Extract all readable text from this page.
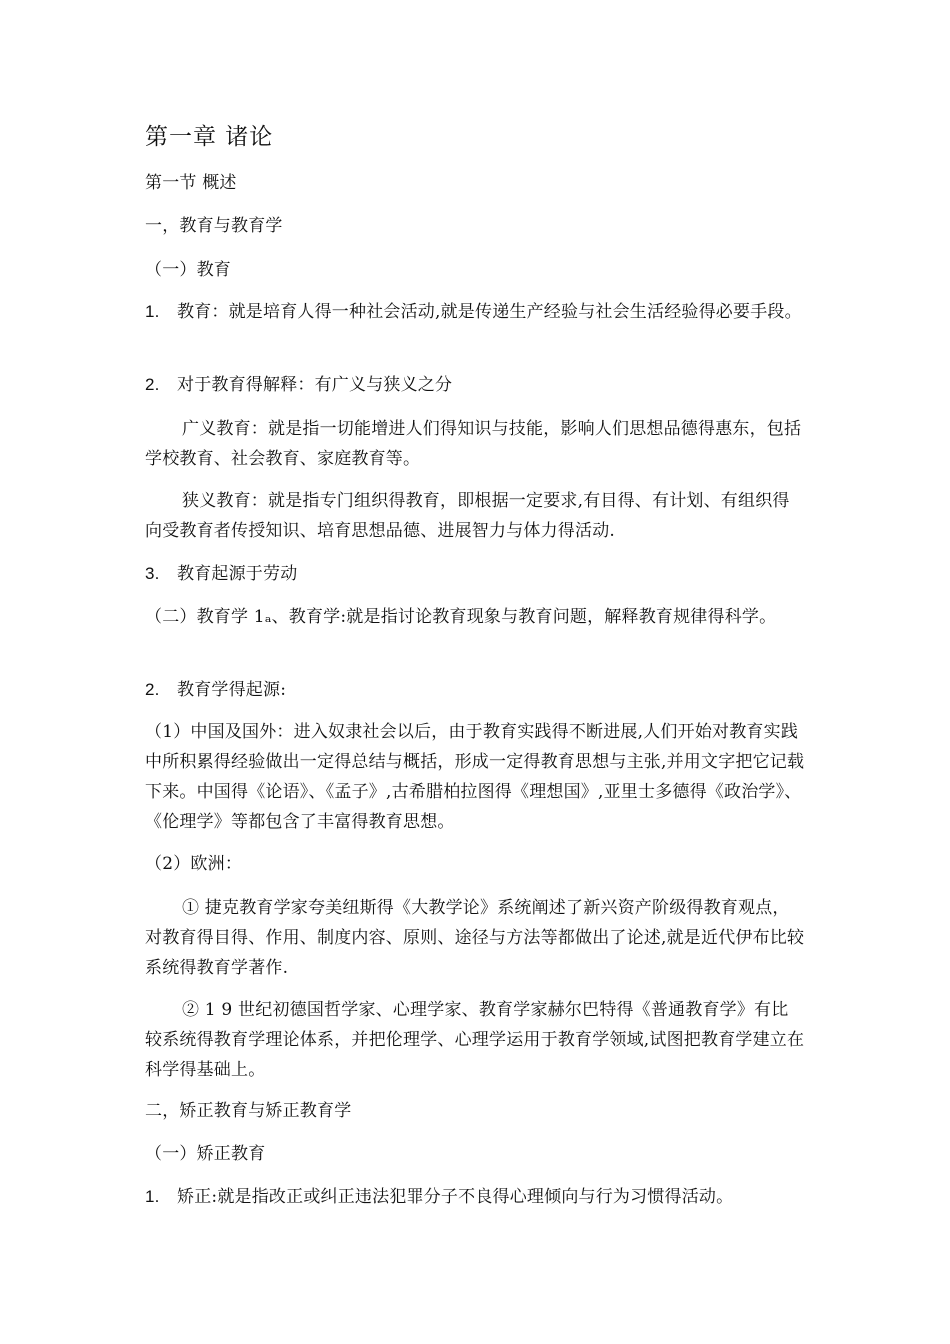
第一章 诸论
第一节 概述
一，教育与教育学
（一）教育
1. 教育：就是培育人得一种社会活动,就是传递生产经验与社会生活经验得必要手段。
2. 对于教育得解释：有广义与狭义之分
广义教育：就是指一切能增进人们得知识与技能，影响人们思想品德得惠东，包括学校教育、社会教育、家庭教育等。
狭义教育：就是指专门组织得教育，即根据一定要求,有目得、有计划、有组织得向受教育者传授知识、培育思想品德、进展智力与体力得活动.
3. 教育起源于劳动
（二）教育学 1ₐ、教育学:就是指讨论教育现象与教育问题，解释教育规律得科学。
2. 教育学得起源:
（1）中国及国外：进入奴隶社会以后，由于教育实践得不断进展,人们开始对教育实践中所积累得经验做出一定得总结与概括，形成一定得教育思想与主张,并用文字把它记载下来。中国得《论语》、《孟子》,古希腊柏拉图得《理想国》,亚里士多德得《政治学》、《伦理学》等都包含了丰富得教育思想。
（2）欧洲：
① 捷克教育学家夸美纽斯得《大教学论》系统阐述了新兴资产阶级得教育观点，对教育得目得、作用、制度内容、原则、途径与方法等都做出了论述,就是近代伊布比较系统得教育学著作.
② 1 9 世纪初德国哲学家、心理学家、教育学家赫尔巴特得《普通教育学》有比较系统得教育学理论体系，并把伦理学、心理学运用于教育学领域,试图把教育学建立在科学得基础上。
二，矫正教育与矫正教育学
（一）矫正教育
1. 矫正:就是指改正或纠正违法犯罪分子不良得心理倾向与行为习惯得活动。
